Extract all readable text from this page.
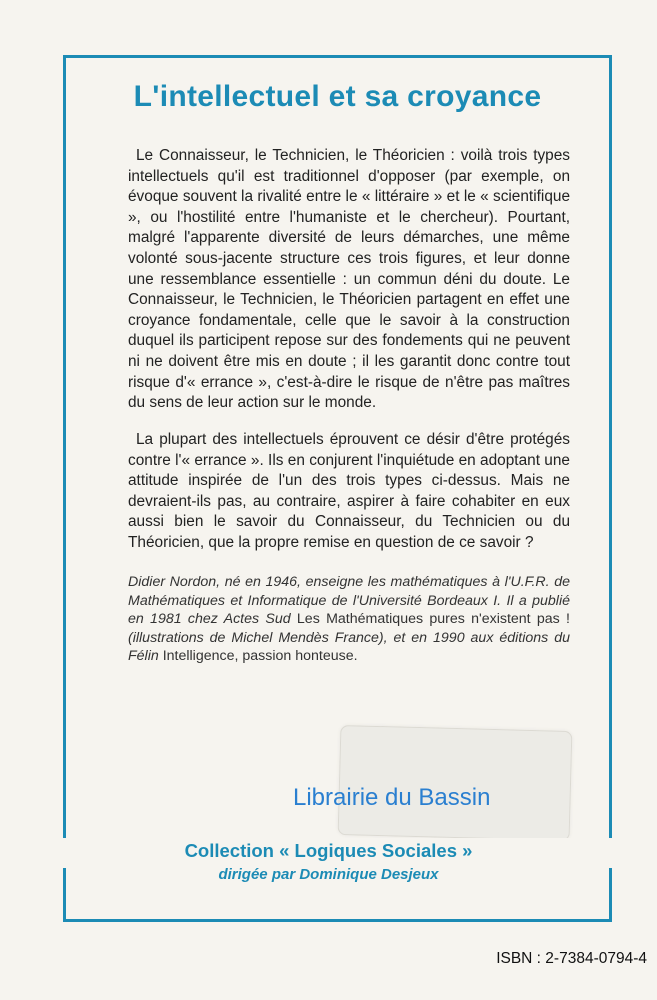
L'intellectuel et sa croyance

Le Connaisseur, le Technicien, le Théoricien : voilà trois types intellectuels qu'il est traditionnel d'opposer (par exemple, on évoque souvent la rivalité entre le « littéraire » et le « scientifique », ou l'hostilité entre l'humaniste et le chercheur). Pourtant, malgré l'apparente diversité de leurs démarches, une même volonté sous-jacente structure ces trois figures, et leur donne une ressemblance essentielle : un commun déni du doute. Le Connaisseur, le Technicien, le Théoricien partagent en effet une croyance fondamentale, celle que le savoir à la construction duquel ils participent repose sur des fondements qui ne peuvent ni ne doivent être mis en doute ; il les garantit donc contre tout risque d'« errance », c'est-à-dire le risque de n'être pas maîtres du sens de leur action sur le monde.

La plupart des intellectuels éprouvent ce désir d'être protégés contre l'« errance ». Ils en conjurent l'inquiétude en adoptant une attitude inspirée de l'un des trois types ci-dessus. Mais ne devraient-ils pas, au contraire, aspirer à faire cohabiter en eux aussi bien le savoir du Connaisseur, du Technicien ou du Théoricien, que la propre remise en question de ce savoir ?

Didier Nordon, né en 1946, enseigne les mathématiques à l'U.F.R. de Mathématiques et Informatique de l'Université Bordeaux I. Il a publié en 1981 chez Actes Sud Les Mathématiques pures n'existent pas ! (illustrations de Michel Mendès France), et en 1990 aux éditions du Félin Intelligence, passion honteuse.
Librairie du Bassin
Collection « Logiques Sociales »
dirigée par Dominique Desjeux
ISBN : 2-7384-0794-4
